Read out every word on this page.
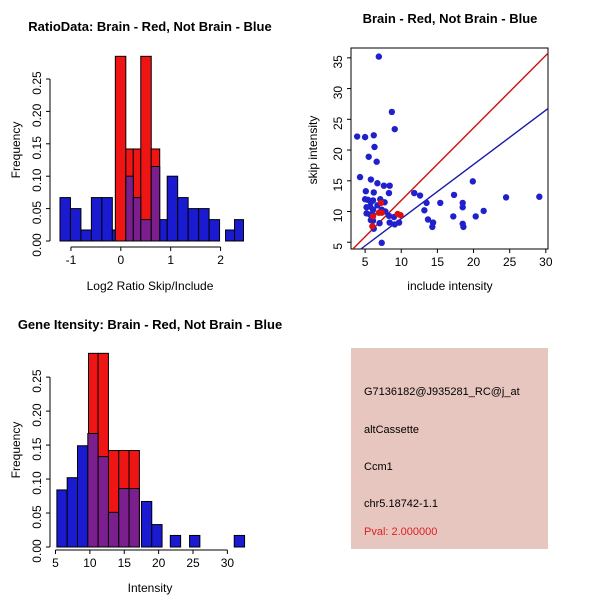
-1	0	1	2
0.00
0.05
0.10
0.15
0.20
0.25
RatioData: Brain - Red, Not Brain - Blue
Log2 Ratio Skip/Include
Frequency
5 10 15 20 25 30
5
10
15
20
25
30
35
Brain - Red, Not Brain - Blue
include intensity
skip intensity
5 10 15 20 25 30
0.00
0.05
0.10
0.15
0.20
0.25
Gene Itensity: Brain - Red, Not Brain - Blue
Intensity
Frequency
G7136182@J935281_RC@j_at
altCassette
Ccm1
chr5.18742-1.1
Pval: 2.000000
